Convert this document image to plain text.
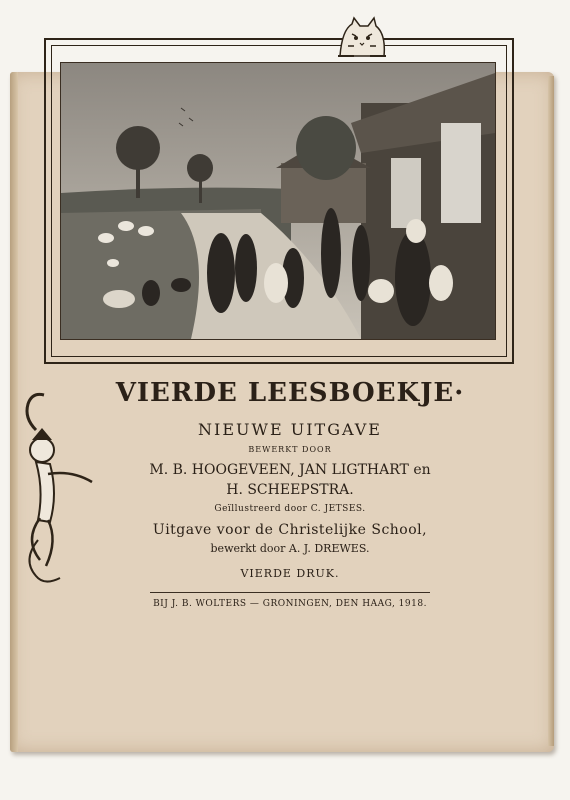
VIERDE LEESBOEKJE·
NIEUWE UITGAVE
BEWERKT DOOR
M. B. HOOGEVEEN, JAN LIGTHART en
H. SCHEEPSTRA.
Geïllustreerd door C. JETSES.
Uitgave voor de Christelijke School,
bewerkt door A. J. DREWES.
VIERDE DRUK.
BIJ J. B. WOLTERS — GRONINGEN, DEN HAAG, 1918.
